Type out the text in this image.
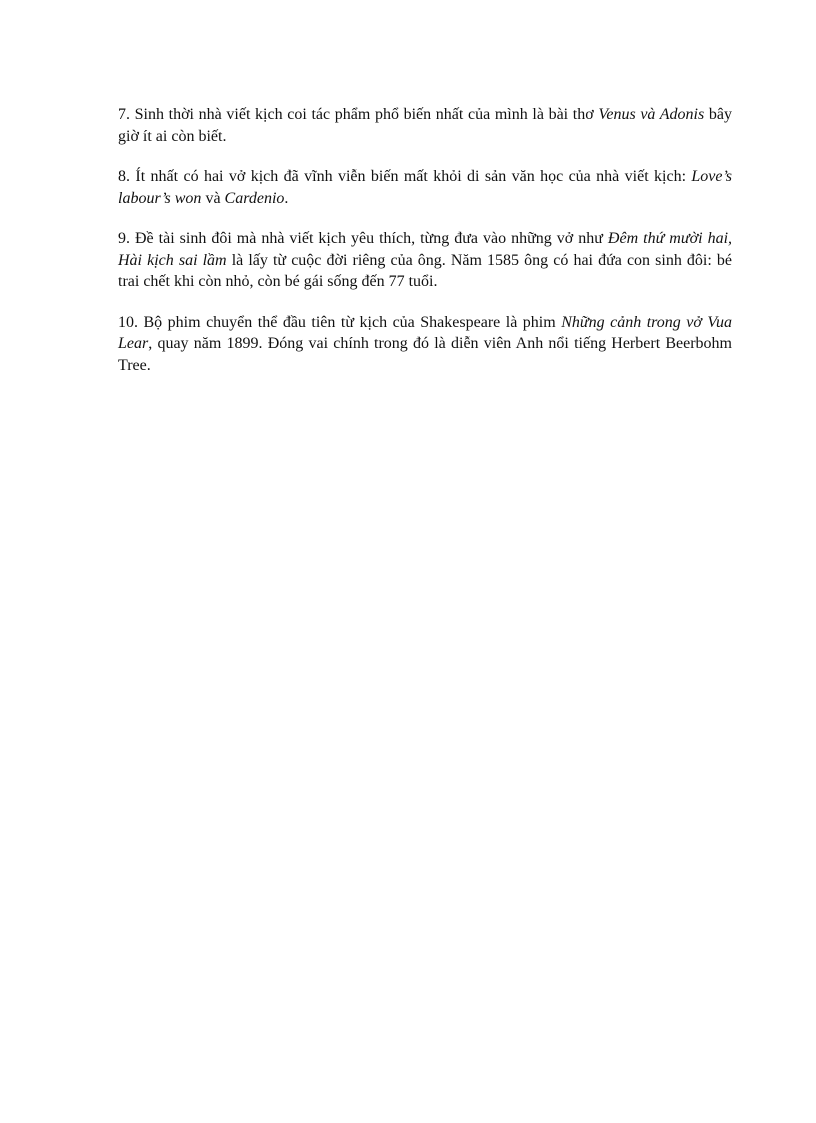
7. Sinh thời nhà viết kịch coi tác phẩm phổ biến nhất của mình là bài thơ Venus và Adonis bây giờ ít ai còn biết.

8. Ít nhất có hai vở kịch đã vĩnh viễn biến mất khỏi di sản văn học của nhà viết kịch: Love’s labour’s won và Cardenio.

9. Đề tài sinh đôi mà nhà viết kịch yêu thích, từng đưa vào những vở như Đêm thứ mười hai, Hài kịch sai lầm là lấy từ cuộc đời riêng của ông. Năm 1585 ông có hai đứa con sinh đôi: bé trai chết khi còn nhỏ, còn bé gái sống đến 77 tuổi.

10. Bộ phim chuyển thể đầu tiên từ kịch của Shakespeare là phim Những cảnh trong vở Vua Lear, quay năm 1899. Đóng vai chính trong đó là diễn viên Anh nổi tiếng Herbert Beerbohm Tree.
